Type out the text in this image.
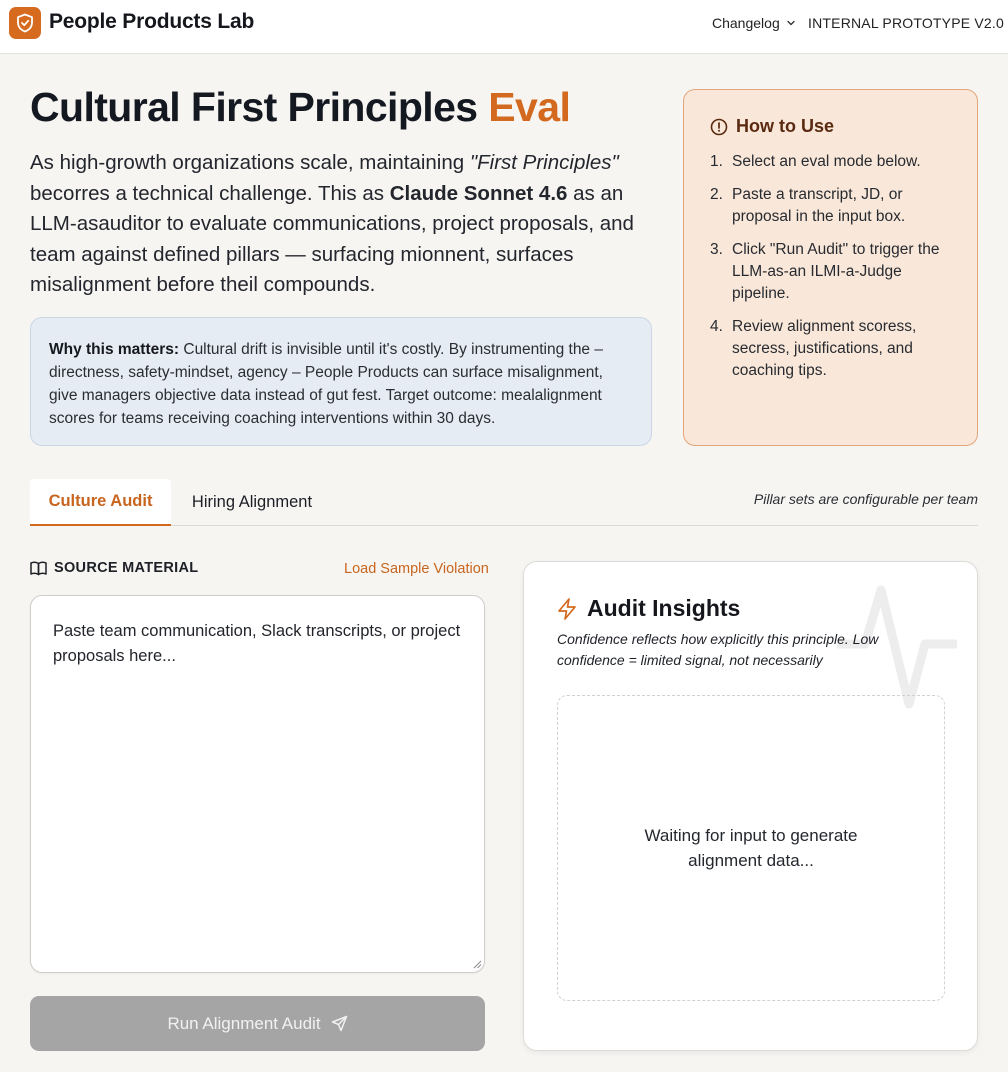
People Products Lab	Changelog INTERNAL PROTOTYPE V2.0
Cultural First Principles Eval

As high-growth organizations scale, maintaining "First Principles" becorres a technical challenge. This as Claude Sonnet 4.6 as an LLM-asauditor to evaluate communications, project proposals, and team against defined pillars — surfacing mionnent, surfaces misalignment before theil compounds.

Why this matters: Cultural drift is invisible until it's costly. By instrumenting the – directness, safety-mindset, agency – People Products can surface misalignment, give managers objective data instead of gut fest. Target outcome: mealalignment scores for teams receiving coaching interventions within 30 days.
How to Use
1. Select an eval mode below.
2. Paste a transcript, JD, or proposal in the input box.
3. Click "Run Audit" to trigger the LLM-as-an ILMI-a-Judge pipeline.
4. Review alignment scoress, secress, justifications, and coaching tips.
Culture Audit	Hiring Alignment	Pillar sets are configurable per team
SOURCE MATERIAL	Load Sample Violation
Paste team communication, Slack transcripts, or project proposals here...
Run Alignment Audit
Audit Insights

Confidence reflects how explicitly this principle. Low confidence = limited signal, not necessarily

Waiting for input to generate alignment data...
